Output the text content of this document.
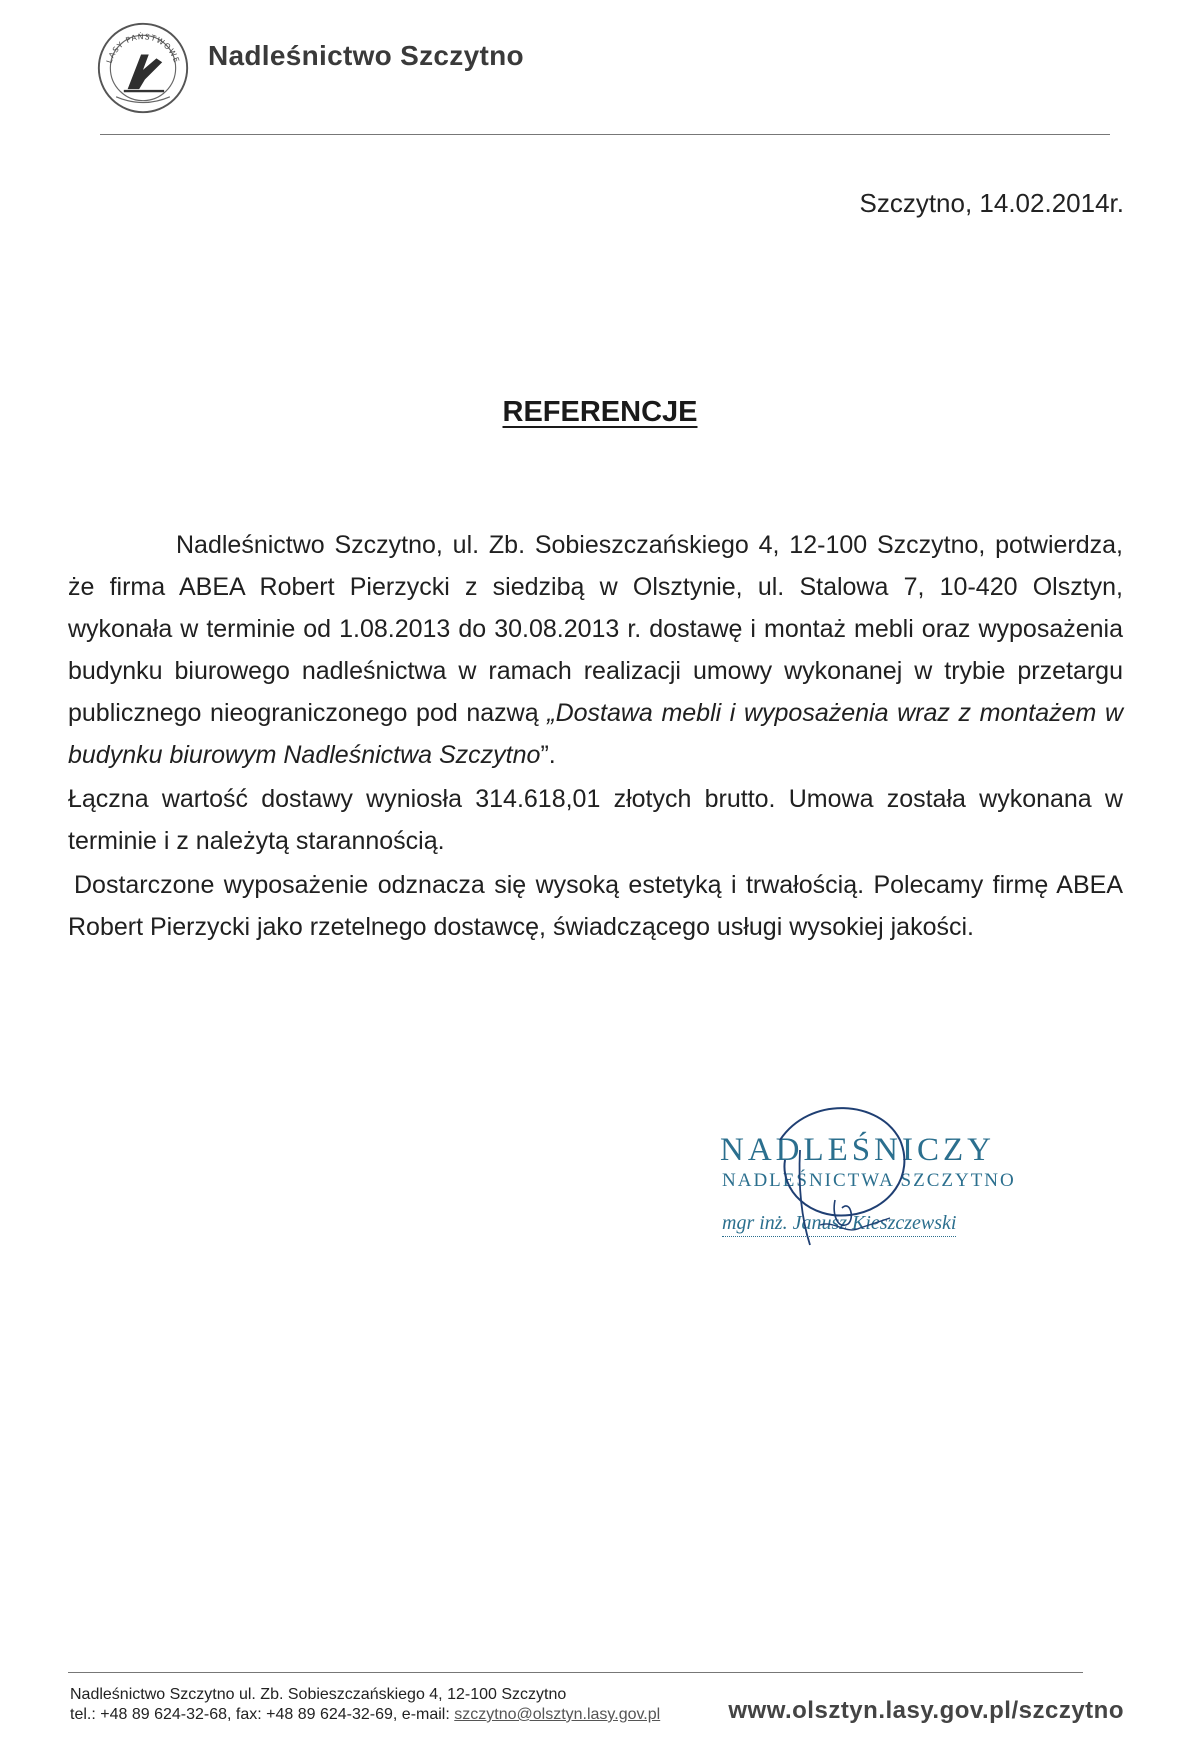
LASY PAŃSTWOWE Nadleśnictwo Szczytno
Szczytno, 14.02.2014r.
REFERENCJE

Nadleśnictwo Szczytno, ul. Zb. Sobieszczańskiego 4, 12-100 Szczytno, potwierdza, że firma ABEA Robert Pierzycki z siedzibą w Olsztynie, ul. Stalowa 7, 10-420 Olsztyn, wykonała w terminie od 1.08.2013 do 30.08.2013 r. dostawę i montaż mebli oraz wyposażenia budynku biurowego nadleśnictwa w ramach realizacji umowy wykonanej w trybie przetargu publicznego nieograniczonego pod nazwą „Dostawa mebli i wyposażenia wraz z montażem w budynku biurowym Nadleśnictwa Szczytno”.

Łączna wartość dostawy wyniosła 314.618,01 złotych brutto. Umowa została wykonana w terminie i z należytą starannością.

Dostarczone wyposażenie odznacza się wysoką estetyką i trwałością. Polecamy firmę ABEA Robert Pierzycki jako rzetelnego dostawcę, świadczącego usługi wysokiej jakości.

NADLEŚNICZY
NADLEŚNICTWA SZCZYTNO
mgr inż. Janusz Kieszczewski
Nadleśnictwo Szczytno ul. Zb. Sobieszczańskiego 4, 12-100 Szczytno
tel.: +48 89 624-32-68, fax: +48 89 624-32-69, e-mail: szczytno@olsztyn.lasy.gov.pl	www.olsztyn.lasy.gov.pl/szczytno
